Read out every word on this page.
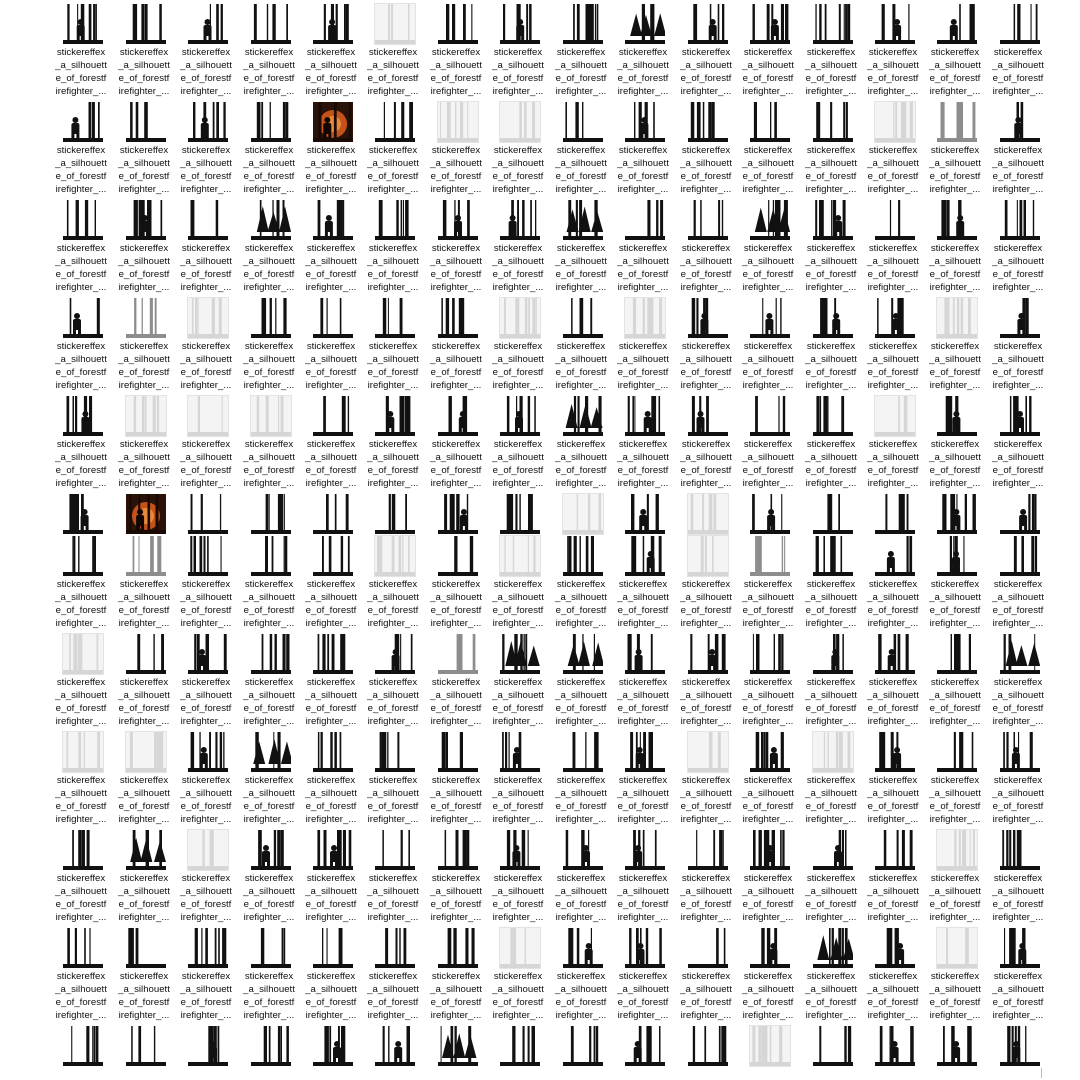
stickereffex
_a_silhouett
e_of_forestf
irefighter_...
stickereffex
_a_silhouett
e_of_forestf
irefighter_...
stickereffex
_a_silhouett
e_of_forestf
irefighter_...
stickereffex
_a_silhouett
e_of_forestf
irefighter_...
stickereffex
_a_silhouett
e_of_forestf
irefighter_...
stickereffex
_a_silhouett
e_of_forestf
irefighter_...
stickereffex
_a_silhouett
e_of_forestf
irefighter_...
stickereffex
_a_silhouett
e_of_forestf
irefighter_...
stickereffex
_a_silhouett
e_of_forestf
irefighter_...
stickereffex
_a_silhouett
e_of_forestf
irefighter_...
stickereffex
_a_silhouett
e_of_forestf
irefighter_...
stickereffex
_a_silhouett
e_of_forestf
irefighter_...
stickereffex
_a_silhouett
e_of_forestf
irefighter_...
stickereffex
_a_silhouett
e_of_forestf
irefighter_...
stickereffex
_a_silhouett
e_of_forestf
irefighter_...
stickereffex
_a_silhouett
e_of_forestf
irefighter_...
stickereffex
_a_silhouett
e_of_forestf
irefighter_...
stickereffex
_a_silhouett
e_of_forestf
irefighter_...
stickereffex
_a_silhouett
e_of_forestf
irefighter_...
stickereffex
_a_silhouett
e_of_forestf
irefighter_...
stickereffex
_a_silhouett
e_of_forestf
irefighter_...
stickereffex
_a_silhouett
e_of_forestf
irefighter_...
stickereffex
_a_silhouett
e_of_forestf
irefighter_...
stickereffex
_a_silhouett
e_of_forestf
irefighter_...
stickereffex
_a_silhouett
e_of_forestf
irefighter_...
stickereffex
_a_silhouett
e_of_forestf
irefighter_...
stickereffex
_a_silhouett
e_of_forestf
irefighter_...
stickereffex
_a_silhouett
e_of_forestf
irefighter_...
stickereffex
_a_silhouett
e_of_forestf
irefighter_...
stickereffex
_a_silhouett
e_of_forestf
irefighter_...
stickereffex
_a_silhouett
e_of_forestf
irefighter_...
stickereffex
_a_silhouett
e_of_forestf
irefighter_...
stickereffex
_a_silhouett
e_of_forestf
irefighter_...
stickereffex
_a_silhouett
e_of_forestf
irefighter_...
stickereffex
_a_silhouett
e_of_forestf
irefighter_...
stickereffex
_a_silhouett
e_of_forestf
irefighter_...
stickereffex
_a_silhouett
e_of_forestf
irefighter_...
stickereffex
_a_silhouett
e_of_forestf
irefighter_...
stickereffex
_a_silhouett
e_of_forestf
irefighter_...
stickereffex
_a_silhouett
e_of_forestf
irefighter_...
stickereffex
_a_silhouett
e_of_forestf
irefighter_...
stickereffex
_a_silhouett
e_of_forestf
irefighter_...
stickereffex
_a_silhouett
e_of_forestf
irefighter_...
stickereffex
_a_silhouett
e_of_forestf
irefighter_...
stickereffex
_a_silhouett
e_of_forestf
irefighter_...
stickereffex
_a_silhouett
e_of_forestf
irefighter_...
stickereffex
_a_silhouett
e_of_forestf
irefighter_...
stickereffex
_a_silhouett
e_of_forestf
irefighter_...
stickereffex
_a_silhouett
e_of_forestf
irefighter_...
stickereffex
_a_silhouett
e_of_forestf
irefighter_...
stickereffex
_a_silhouett
e_of_forestf
irefighter_...
stickereffex
_a_silhouett
e_of_forestf
irefighter_...
stickereffex
_a_silhouett
e_of_forestf
irefighter_...
stickereffex
_a_silhouett
e_of_forestf
irefighter_...
stickereffex
_a_silhouett
e_of_forestf
irefighter_...
stickereffex
_a_silhouett
e_of_forestf
irefighter_...
stickereffex
_a_silhouett
e_of_forestf
irefighter_...
stickereffex
_a_silhouett
e_of_forestf
irefighter_...
stickereffex
_a_silhouett
e_of_forestf
irefighter_...
stickereffex
_a_silhouett
e_of_forestf
irefighter_...
stickereffex
_a_silhouett
e_of_forestf
irefighter_...
stickereffex
_a_silhouett
e_of_forestf
irefighter_...
stickereffex
_a_silhouett
e_of_forestf
irefighter_...
stickereffex
_a_silhouett
e_of_forestf
irefighter_...
stickereffex
_a_silhouett
e_of_forestf
irefighter_...
stickereffex
_a_silhouett
e_of_forestf
irefighter_...
stickereffex
_a_silhouett
e_of_forestf
irefighter_...
stickereffex
_a_silhouett
e_of_forestf
irefighter_...
stickereffex
_a_silhouett
e_of_forestf
irefighter_...
stickereffex
_a_silhouett
e_of_forestf
irefighter_...
stickereffex
_a_silhouett
e_of_forestf
irefighter_...
stickereffex
_a_silhouett
e_of_forestf
irefighter_...
stickereffex
_a_silhouett
e_of_forestf
irefighter_...
stickereffex
_a_silhouett
e_of_forestf
irefighter_...
stickereffex
_a_silhouett
e_of_forestf
irefighter_...
stickereffex
_a_silhouett
e_of_forestf
irefighter_...
stickereffex
_a_silhouett
e_of_forestf
irefighter_...
stickereffex
_a_silhouett
e_of_forestf
irefighter_...
stickereffex
_a_silhouett
e_of_forestf
irefighter_...
stickereffex
_a_silhouett
e_of_forestf
irefighter_...
stickereffex
_a_silhouett
e_of_forestf
irefighter_...
stickereffex
_a_silhouett
e_of_forestf
irefighter_...
stickereffex
_a_silhouett
e_of_forestf
irefighter_...
stickereffex
_a_silhouett
e_of_forestf
irefighter_...
stickereffex
_a_silhouett
e_of_forestf
irefighter_...
stickereffex
_a_silhouett
e_of_forestf
irefighter_...
stickereffex
_a_silhouett
e_of_forestf
irefighter_...
stickereffex
_a_silhouett
e_of_forestf
irefighter_...
stickereffex
_a_silhouett
e_of_forestf
irefighter_...
stickereffex
_a_silhouett
e_of_forestf
irefighter_...
stickereffex
_a_silhouett
e_of_forestf
irefighter_...
stickereffex
_a_silhouett
e_of_forestf
irefighter_...
stickereffex
_a_silhouett
e_of_forestf
irefighter_...
stickereffex
_a_silhouett
e_of_forestf
irefighter_...
stickereffex
_a_silhouett
e_of_forestf
irefighter_...
stickereffex
_a_silhouett
e_of_forestf
irefighter_...
stickereffex
_a_silhouett
e_of_forestf
irefighter_...
stickereffex
_a_silhouett
e_of_forestf
irefighter_...
stickereffex
_a_silhouett
e_of_forestf
irefighter_...
stickereffex
_a_silhouett
e_of_forestf
irefighter_...
stickereffex
_a_silhouett
e_of_forestf
irefighter_...
stickereffex
_a_silhouett
e_of_forestf
irefighter_...
stickereffex
_a_silhouett
e_of_forestf
irefighter_...
stickereffex
_a_silhouett
e_of_forestf
irefighter_...
stickereffex
_a_silhouett
e_of_forestf
irefighter_...
stickereffex
_a_silhouett
e_of_forestf
irefighter_...
stickereffex
_a_silhouett
e_of_forestf
irefighter_...
stickereffex
_a_silhouett
e_of_forestf
irefighter_...
stickereffex
_a_silhouett
e_of_forestf
irefighter_...
stickereffex
_a_silhouett
e_of_forestf
irefighter_...
stickereffex
_a_silhouett
e_of_forestf
irefighter_...
stickereffex
_a_silhouett
e_of_forestf
irefighter_...
stickereffex
_a_silhouett
e_of_forestf
irefighter_...
stickereffex
_a_silhouett
e_of_forestf
irefighter_...
stickereffex
_a_silhouett
e_of_forestf
irefighter_...
stickereffex
_a_silhouett
e_of_forestf
irefighter_...
stickereffex
_a_silhouett
e_of_forestf
irefighter_...
stickereffex
_a_silhouett
e_of_forestf
irefighter_...
stickereffex
_a_silhouett
e_of_forestf
irefighter_...
stickereffex
_a_silhouett
e_of_forestf
irefighter_...
stickereffex
_a_silhouett
e_of_forestf
irefighter_...
stickereffex
_a_silhouett
e_of_forestf
irefighter_...
stickereffex
_a_silhouett
e_of_forestf
irefighter_...
stickereffex
_a_silhouett
e_of_forestf
irefighter_...
stickereffex
_a_silhouett
e_of_forestf
irefighter_...
stickereffex
_a_silhouett
e_of_forestf
irefighter_...
stickereffex
_a_silhouett
e_of_forestf
irefighter_...
stickereffex
_a_silhouett
e_of_forestf
irefighter_...
stickereffex
_a_silhouett
e_of_forestf
irefighter_...
stickereffex
_a_silhouett
e_of_forestf
irefighter_...
stickereffex
_a_silhouett
e_of_forestf
irefighter_...
stickereffex
_a_silhouett
e_of_forestf
irefighter_...
stickereffex
_a_silhouett
e_of_forestf
irefighter_...
stickereffex
_a_silhouett
e_of_forestf
irefighter_...
stickereffex
_a_silhouett
e_of_forestf
irefighter_...
stickereffex
_a_silhouett
e_of_forestf
irefighter_...
stickereffex
_a_silhouett
e_of_forestf
irefighter_...
stickereffex
_a_silhouett
e_of_forestf
irefighter_...
stickereffex
_a_silhouett
e_of_forestf
irefighter_...
stickereffex
_a_silhouett
e_of_forestf
irefighter_...
stickereffex
_a_silhouett
e_of_forestf
irefighter_...
stickereffex
_a_silhouett
e_of_forestf
irefighter_...
stickereffex
_a_silhouett
e_of_forestf
irefighter_...
stickereffex
_a_silhouett
e_of_forestf
irefighter_...
stickereffex
_a_silhouett
e_of_forestf
irefighter_...
stickereffex
_a_silhouett
e_of_forestf
irefighter_...
stickereffex
_a_silhouett
e_of_forestf
irefighter_...
stickereffex
_a_silhouett
e_of_forestf
irefighter_...
stickereffex
_a_silhouett
e_of_forestf
irefighter_...
stickereffex
_a_silhouett
e_of_forestf
irefighter_...
stickereffex
_a_silhouett
e_of_forestf
irefighter_...
stickereffex
_a_silhouett
e_of_forestf
irefighter_...
stickereffex
_a_silhouett
e_of_forestf
irefighter_...
stickereffex
_a_silhouett
e_of_forestf
irefighter_...
stickereffex
_a_silhouett
e_of_forestf
irefighter_...
stickereffex
_a_silhouett
e_of_forestf
irefighter_...
stickereffex
_a_silhouett
e_of_forestf
irefighter_...
stickereffex
_a_silhouett
e_of_forestf
irefighter_...
stickereffex
_a_silhouett
e_of_forestf
irefighter_...
stickereffex
_a_silhouett
e_of_forestf
irefighter_...
